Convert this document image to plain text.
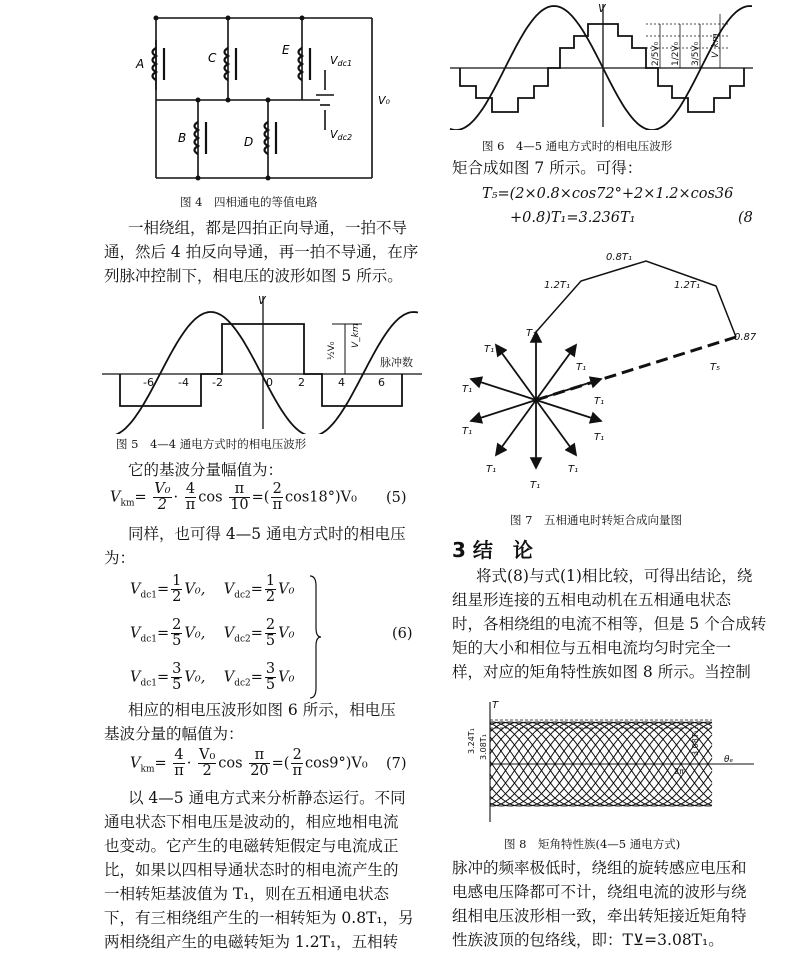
A	C
E
B	D
Vdc1
Vdc2
V₀
图 4　四相通电的等值电路
一相绕组，都是四拍正向导通，一拍不导
通，然后 4 拍反向导通，再一拍不导通，在序
列脉冲控制下，相电压的波形如图 5 所示。
V
脉冲数
-6 -4 -2	0 2	4	6
½V₀
V_km
图 5　4—4 通电方式时的相电压波形
它的基波分量幅值为：
$V_{km}= \frac{\text{V₀}}{2} \cdot \frac{4}{\pi}$ $\cos \frac{\pi}{10}$ =( $\frac{2}{\pi} \cos 18^\circ)V_0$ (5)
同样，也可得 4—5 通电方式时的相电压
为：
$V_{dc1}= \frac{1}{2} V_0$,    $V_{dc2}= \frac{1}{2} V_0$
$V_{dc1}= \frac{2}{5} V_0$,    $V_{dc2}= \frac{2}{5} V_0$
$V_{dc1}= \frac{3}{5} V_0$,    $V_{dc2}= \frac{3}{5} V_0$
(6)
相应的相电压波形如图 6 所示，相电压
基波分量的幅值为：
$V_{km}= \frac{4}{\pi} \cdot \frac{\text{V₀}}{2}$ $\cos \frac{\pi}{20}$ =( $\frac{2}{\pi} \cos 9^\circ)V_0$ (7)
以 4—5 通电方式来分析静态运行。不同
通电状态下相电压是波动的，相应地相电流
也变动。它产生的电磁转矩假定与电流成正
比，如果以四相导通状态时的相电流产生的
一相转矩基波值为 T₁，则在五相通电状态
下，有三相绕组产生的一相转矩为 0.8T₁，另
两相绕组产生的电磁转矩为 1.2T₁，五相转
V
2/5V₀ 1/2V₀ 3/5V₀ V_km
图 6　4—5 通电方式时的相电压波形
矩合成如图 7 所示。可得：
T₅=(2×0.8×cos72°+2×1.2×cos36
+0.8)T₁=3.236T₁	(8
0.8T₁
1.2T₁	1.2T₁
0.87
T₅
T₁
T₁
T₁
T₁
T₁
T₁
T₁
T₁	T₁
T₁
图 7　五相通电时转矩合成向量图
3 结　论
将式(8)与式(1)相比较，可得出结论，绕
组星形连接的五相电动机在五相通电状态
时，各相绕组的电流不相等，但是 5 个合成转
矩的大小和相位与五相电流均匀时完全一
样，对应的矩角特性族如图 8 所示。当控制
T
3.24T₁ 3.08T₁	3.08T₁
θₑ
2π
图 8　矩角特性族(4—5 通电方式)
脉冲的频率极低时，绕组的旋转感应电压和
电感电压降都可不计，绕组电流的波形与绕
组相电压波形相一致，牵出转矩接近矩角特
性族波顶的包络线，即：T⊻=3.08T₁。
